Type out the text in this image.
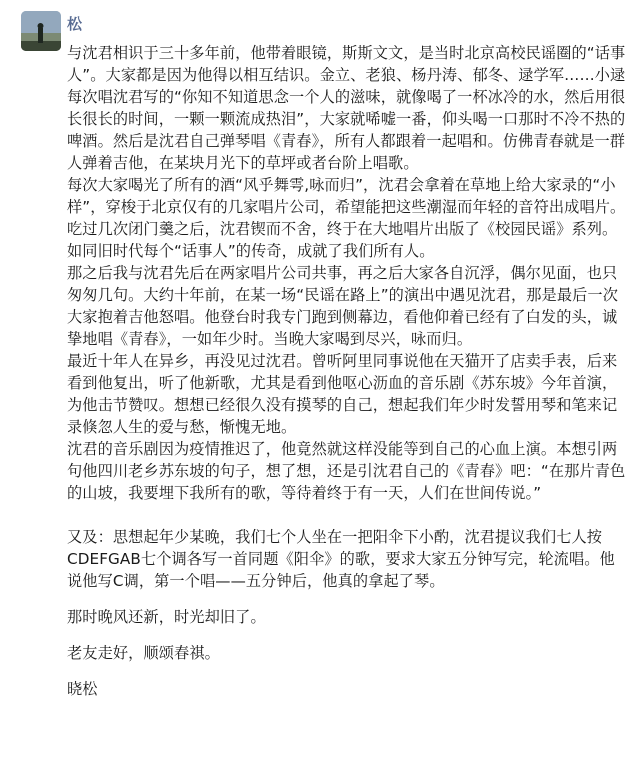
松

与沈君相识于三十多年前，他带着眼镜，斯斯文文，是当时北京高校民谣圈的“话事人”。大家都是因为他得以相互结识。金立、老狼、杨丹涛、郁冬、逯学军……小逯每次唱沈君写的“你知不知道思念一个人的滋味，就像喝了一杯冰冷的水，然后用很长很长的时间，一颗一颗流成热泪”，大家就唏嘘一番，仰头喝一口那时不冷不热的啤酒。然后是沈君自己弹琴唱《青春》，所有人都跟着一起唱和。仿佛青春就是一群人弹着吉他，在某块月光下的草坪或者台阶上唱歌。

每次大家喝光了所有的酒“风乎舞雩,咏而归”，沈君会拿着在草地上给大家录的“小样”，穿梭于北京仅有的几家唱片公司，希望能把这些潮湿而年轻的音符出成唱片。吃过几次闭门羹之后，沈君锲而不舍，终于在大地唱片出版了《校园民谣》系列。如同旧时代每个“话事人”的传奇，成就了我们所有人。

那之后我与沈君先后在两家唱片公司共事，再之后大家各自沉浮，偶尔见面，也只匆匆几句。大约十年前，在某一场“民谣在路上”的演出中遇见沈君，那是最后一次大家抱着吉他怒唱。他登台时我专门跑到侧幕边，看他仰着已经有了白发的头，诚挚地唱《青春》，一如年少时。当晚大家喝到尽兴，咏而归。

最近十年人在异乡，再没见过沈君。曾听阿里同事说他在天猫开了店卖手表，后来看到他复出，听了他新歌，尤其是看到他呕心沥血的音乐剧《苏东坡》今年首演，为他击节赞叹。想想已经很久没有摸琴的自己，想起我们年少时发誓用琴和笔来记录倏忽人生的爱与愁，惭愧无地。

沈君的音乐剧因为疫情推迟了，他竟然就这样没能等到自己的心血上演。本想引两句他四川老乡苏东坡的句子，想了想，还是引沈君自己的《青春》吧：“在那片青色的山坡，我要埋下我所有的歌，等待着终于有一天，人们在世间传说。”

又及：思想起年少某晚，我们七个人坐在一把阳伞下小酌，沈君提议我们七人按CDEFGAB七个调各写一首同题《阳伞》的歌，要求大家五分钟写完，轮流唱。他说他写C调，第一个唱——五分钟后，他真的拿起了琴。

那时晚风还新，时光却旧了。

老友走好，顺颂春祺。

晓松
